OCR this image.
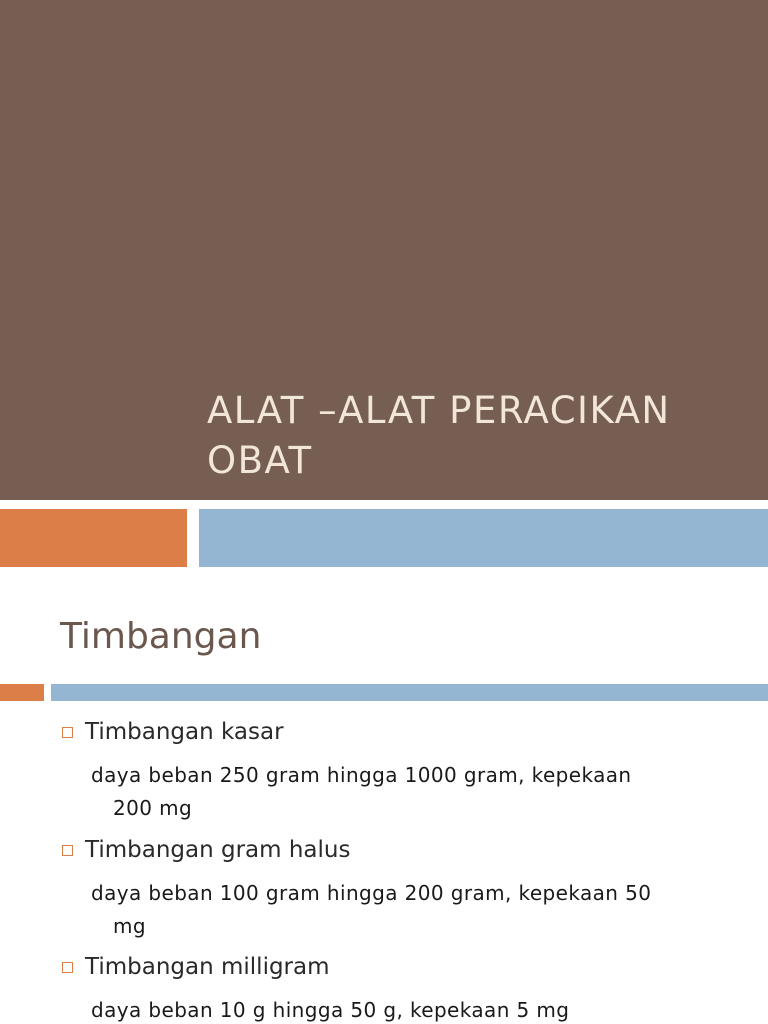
ALAT –ALAT PERACIKAN
OBAT
Timbangan
Timbangan kasar
daya beban 250 gram hingga 1000 gram, kepekaan
200 mg
Timbangan gram halus
daya beban 100 gram hingga 200 gram, kepekaan 50
mg
Timbangan milligram
daya beban 10 g hingga 50 g, kepekaan 5 mg
